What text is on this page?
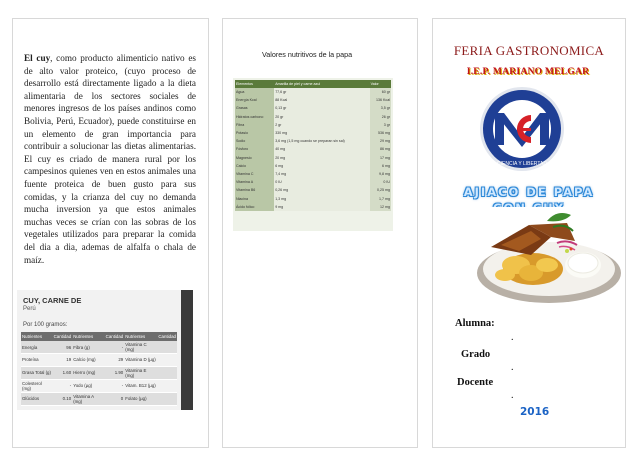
El cuy, como producto alimenticio nativo es de alto valor proteico, (cuyo proceso de desarrollo está directamente ligado a la dieta alimentaria de los sectores sociales de menores ingresos de los países andinos como Bolivia, Perú, Ecuador), puede constituirse en un elemento de gran importancia para contribuir a solucionar las dietas alimentarias. El cuy es criado de manera rural por los campesinos quienes ven en estos animales una fuente proteica de buen gusto para sus comidas, y la crianza del cuy no demanda mucha inversion ya que estos animales muchas veces se crían con las sobras de los vegetales utilizados para preparar la comida del dia a dia, ademas de alfalfa o chala de maíz.

CUY, CARNE DE
Perú
Por 100 gramos:
Nutrientes	Cantidad	Nutrientes	Cantidad	Nutrientes	Cantidad
Energía	96	Fibra (g)	-	Vitamina C (mg)	
Proteína	19	Calcio (mg)	29	Vitamina D (µg)	
Grasa Total (g)	1.60	Hierro (mg)	1.90	Vitamina E (mg)	
Colesterol (mg)	-	Yodo (µg)	-	Vitam. B12 (µg)	
Glúcidos	0.10	Vitamina A (mg)	0	Folato (µg)	
Valores nutritivos de la papa
Elementos	Amarilla de piel y carne azul	Valor
Agua	77,6 gr	60 gr
Energía Kcal	88 Kcal	136 Kcal
Grasas	0,13 gr	3,5 gr
Hidratos carbono	20 gr	26 gr
Fibra	2 gr	3 gr
Potasio	330 mg	536 mg
Sodio	3,6 mg (1,5 mg cuando se preparan sin sal)	29 mg
Fósforo	40 mg	86 mg
Magnesio	20 mg	17 mg
Calcio	6 mg	6 mg
Vitamina C	7,4 mg	9,8 mg
Vitamina A	0 IU	0 IU
Vitamina B6	0,26 mg	0,25 mg
Niacina	1,3 mg	1,7 mg
Ácido fólico	9 mg	12 mg
FERIA GASTRONOMICA
I.E.P. MARIANO MELGAR
CIENCIA Y LIBERTAD
AJIACO DE PAPA
Alumna:
.
Grado
.
Docente
.
2016
